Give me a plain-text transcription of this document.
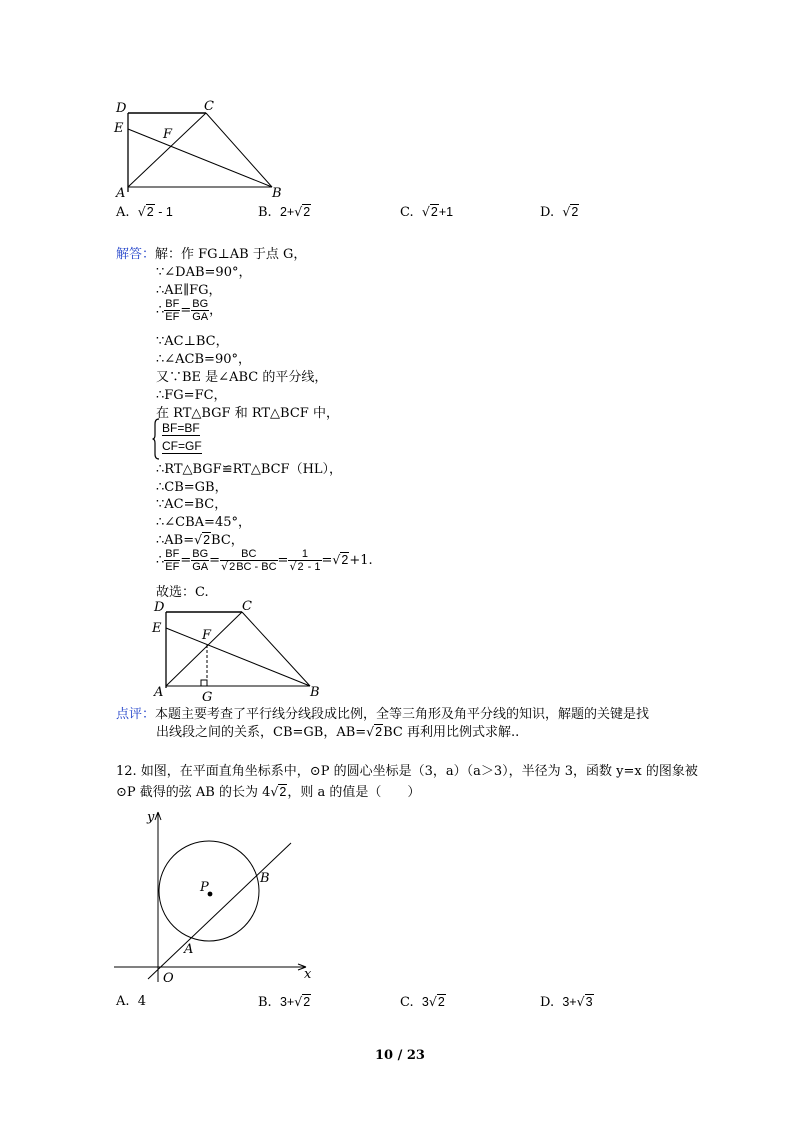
D	C
E	F
A	B
A. √ 2 - 1	B. 2+ √ 2	C. √ 2+1	D. √ 2
解答：解：作 FG⊥AB 于点 G，
∵∠DAB=90°，
∴AE∥FG，
∴ $\frac{BF}{EF} = \frac{BG}{GA}$ ，
∵AC⊥BC，
∴∠ACB=90°，
又∵BE 是∠ABC 的平分线，
∴FG=FC，
在 RT△BGF 和 RT△BCF 中，
BF=BF
CF=GF
∴RT△BGF≌RT△BCF（HL），
∴CB=GB，
∵AC=BC，
∴∠CBA=45°，
∴AB= √ 2BC，
∴ $\frac{BF}{EF} = \frac{BG}{GA}$ = BC
√ 2BC - BC = 1
√ 2 - 1 = √ 2+1.
故选：C.
D	C
E	F
A	G	B
点评：本题主要考查了平行线分线段成比例，全等三角形及角平分线的知识，解题的关键是找
出线段之间的关系，CB=GB，AB= √ 2BC 再利用比例式求解..
12. 如图，在平面直角坐标系中，⊙P 的圆心坐标是（3，a）（a＞3），半径为 3，函数 y=x 的图象被
⊙P 截得的弦 AB 的长为 4 √ 2，则 a 的值是（　　）
y
x
O
P
A
B
A. 4	B. 3+ √ 2	C. 3 √ 2	D. 3+ √ 3
10 / 23
